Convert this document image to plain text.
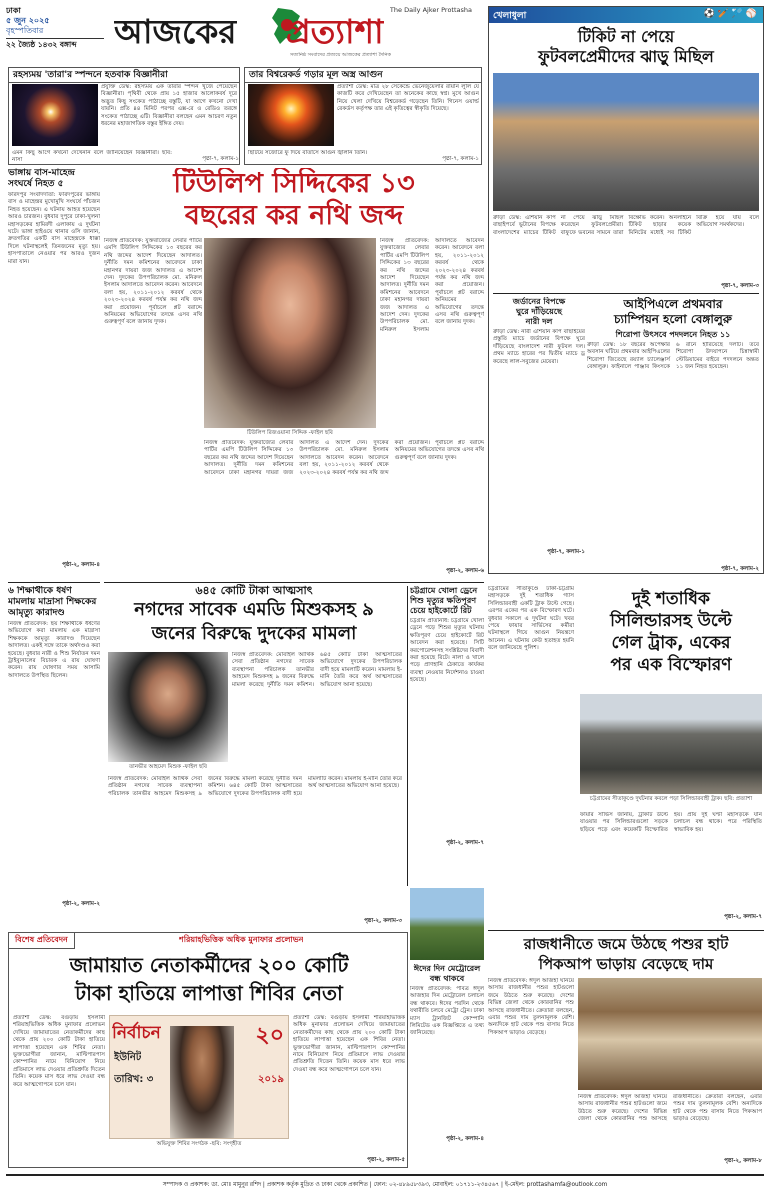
ঢাকা
৫ জুন ২০২৫
বৃহস্পতিবার
২২ জ্যৈষ্ঠ ১৪৩২ বঙ্গাব্দ	আজকের প্রত্যাশা
The Daily Ajker Prottasha
সত্যনিষ্ঠ সংবাদের প্রত্যয়ে আজকের প্রত্যাশা দৈনিক
রহস্যময় 'তারা'র স্পন্দনে হতবাক বিজ্ঞানীরা
প্রযুক্তি ডেস্ক: রহস্যময় এক তারার স্পন্দন খুঁজে পেয়েছেন বিজ্ঞানীরা। পৃথিবী থেকে প্রায় ১৫ হাজার আলোকবর্ষ দূরে অদ্ভুত কিছু সংকেত পাঠাচ্ছে বস্তুটি, যা আগে কখনো দেখা যায়নি। প্রতি ৪৪ মিনিট পরপর এক্স-রে ও রেডিও তরঙ্গে সংকেত পাঠাচ্ছে এটি। বিজ্ঞানীরা বলছেন এমন আচরণ নতুন ধরনের মহাজাগতিক বস্তুর ইঙ্গিত দেয়।
এমন কিছু আগে কখনো দেখেননি বলে জানিয়েছেন বিজ্ঞানীরা। ছবি: নাসা	পৃষ্ঠা-৭, কলাম-১
তার বিশ্বরেকর্ড গড়ার মূল অস্ত্র আগুন
প্রত্যাশা ডেস্ক: মাত্র ২৮ সেকেন্ডে ভেনেজুয়েলার রায়ান লুলি যে কাজটি করে দেখিয়েছেন তা অনেকের কাছে স্বপ্ন। মুখে আগুন নিয়ে খেলা দেখিয়ে বিশ্বরেকর্ড গড়েছেন তিনি। গিনেস ওয়ার্ল্ড রেকর্ডস কর্তৃপক্ষ তার এই কৃতিত্বের স্বীকৃতি দিয়েছে।
ছিটিয়ে সজোরে ফুঁ দিয়ে বাতাসে আগুন জ্বালান তিনি।
পৃষ্ঠা-৭, কলাম-১
টিউলিপ সিদ্দিকের ১৩
বছরের কর নথি জব্দ
নিজস্ব প্রতিবেদক: যুক্তরাজ্যের লেবার পার্টির এমপি টিউলিপ সিদ্দিকের ১৩ বছরের কর নথি জব্দের আদেশ দিয়েছেন আদালত। দুর্নীতি দমন কমিশনের আবেদনে ঢাকা মহানগর দায়রা জজ আদালত এ আদেশ দেন। দুদকের উপপরিচালক মো. মনিরুল ইসলাম আদালতে আবেদন করেন। আবেদনে বলা হয়, ২০১১-২০১২ করবর্ষ থেকে ২০২৩-২০২৪ করবর্ষ পর্যন্ত কর নথি জব্দ করা প্রয়োজন। পূর্বাচলে প্লট বরাদ্দে অনিয়মের অভিযোগের তদন্তে এসব নথি গুরুত্বপূর্ণ বলে জানায় দুদক।
টিউলিপ রিজওয়ানা সিদ্দিক -ফাইল ছবি
নিজস্ব প্রতিবেদক: যুক্তরাজ্যের লেবার পার্টির এমপি টিউলিপ সিদ্দিকের ১৩ বছরের কর নথি জব্দের আদেশ দিয়েছেন আদালত। দুর্নীতি দমন কমিশনের আবেদনে ঢাকা মহানগর দায়রা জজ আদালত এ আদেশ দেন। দুদকের উপপরিচালক মো. মনিরুল ইসলাম আদালতে আবেদন করেন। আবেদনে বলা হয়, ২০১১-২০১২ করবর্ষ থেকে ২০২৩-২০২৪ করবর্ষ পর্যন্ত কর নথি জব্দ করা প্রয়োজন। পূর্বাচলে প্লট বরাদ্দে অনিয়মের অভিযোগের তদন্তে এসব নথি গুরুত্বপূর্ণ বলে জানায় দুদক।
নিজস্ব প্রতিবেদক: যুক্তরাজ্যের লেবার পার্টির এমপি টিউলিপ সিদ্দিকের ১৩ বছরের কর নথি জব্দের আদেশ দিয়েছেন আদালত। দুর্নীতি দমন কমিশনের আবেদনে ঢাকা মহানগর দায়রা জজ আদালত এ আদেশ দেন। দুদকের উপপরিচালক মো. মনিরুল ইসলাম আদালতে আবেদন করেন। আবেদনে বলা হয়, ২০১১-২০১২ করবর্ষ থেকে ২০২৩-২০২৪ করবর্ষ পর্যন্ত কর নথি জব্দ করা প্রয়োজন। পূর্বাচলে প্লট বরাদ্দে অনিয়মের অভিযোগের তদন্তে এসব নথি গুরুত্বপূর্ণ বলে জানায় দুদক।
পৃষ্ঠা-২, কলাম-৬
ভাঙ্গায় বাস-মাহেন্দ্র সংঘর্ষে নিহত ৫
ফরিদপুর সংবাদদাতা: ফরিদপুরের ভাঙ্গায় বাস ও মাহেন্দ্রর মুখোমুখি সংঘর্ষে পাঁচজন নিহত হয়েছেন। এ ঘটনায় আহত হয়েছেন আরও চারজন। বুধবার দুপুরে ঢাকা-খুলনা মহাসড়কের হামিরদী এলাকায় এ দুর্ঘটনা ঘটে। ভাঙ্গা হাইওয়ে থানার ওসি জানান, দ্রুতগতির একটি বাস মাহেন্দ্রকে ধাক্কা দিলে ঘটনাস্থলেই তিনজনের মৃত্যু হয়। হাসপাতালে নেওয়ার পর আরও দুজন মারা যান।
পৃষ্ঠা-২, কলাম-৪
৬ শিক্ষার্থীকে ধর্ষণ মামলায় মাদ্রাসা শিক্ষকের আমৃত্যু কারাদণ্ড
নিজস্ব প্রতিবেদক: ছয় শিক্ষার্থীকে ধর্ষণের অভিযোগে করা মামলায় এক মাদ্রাসা শিক্ষককে আমৃত্যু কারাদণ্ড দিয়েছেন আদালত। একই সঙ্গে তাকে অর্থদণ্ডও করা হয়েছে। বুধবার নারী ও শিশু নির্যাতন দমন ট্রাইব্যুনালের বিচারক এ রায় ঘোষণা করেন। রায় ঘোষণার সময় আসামি আদালতে উপস্থিত ছিলেন।
পৃষ্ঠা-২, কলাম-২
৬৪৫ কোটি টাকা আত্মসাৎ
নগদের সাবেক এমডি মিশুকসহ ৯
জনের বিরুদ্ধে দুদকের মামলা
তানভীর আহমেদ মিশুক -ফাইল ছবি
নিজস্ব প্রতিবেদক: মোবাইল আর্থিক সেবা প্রতিষ্ঠান নগদের সাবেক ব্যবস্থাপনা পরিচালক তানভীর আহমেদ মিশুকসহ ৯ জনের বিরুদ্ধে মামলা করেছে দুর্নীতি দমন কমিশন। ৬৪৫ কোটি টাকা আত্মসাতের অভিযোগে দুদকের উপপরিচালক বাদী হয়ে মামলাটি করেন। মামলায় ই-মানি তৈরি করে অর্থ আত্মসাতের অভিযোগ আনা হয়েছে।
নিজস্ব প্রতিবেদক: মোবাইল আর্থিক সেবা প্রতিষ্ঠান নগদের সাবেক ব্যবস্থাপনা পরিচালক তানভীর আহমেদ মিশুকসহ ৯ জনের বিরুদ্ধে মামলা করেছে দুর্নীতি দমন কমিশন। ৬৪৫ কোটি টাকা আত্মসাতের অভিযোগে দুদকের উপপরিচালক বাদী হয়ে মামলাটি করেন। মামলায় ই-মানি তৈরি করে অর্থ আত্মসাতের অভিযোগ আনা হয়েছে।
পৃষ্ঠা-২, কলাম-৩
চট্টগ্রামে খোলা ড্রেনে শিশু মৃত্যুর ক্ষতিপূরণ চেয়ে হাইকোর্টে রিট
চট্টগ্রাম প্রতিনিধি: চট্টগ্রামে খোলা ড্রেনে পড়ে শিশুর মৃত্যুর ঘটনায় ক্ষতিপূরণ চেয়ে হাইকোর্টে রিট আবেদন করা হয়েছে। সিটি করপোরেশনসহ সংশ্লিষ্টদের বিবাদী করা হয়েছে রিটে। নালা ও খালে পড়ে প্রাণহানি ঠেকাতে কার্যকর ব্যবস্থা নেওয়ার নির্দেশনাও চাওয়া হয়েছে।
পৃষ্ঠা-২, কলাম-৭
খেলাধুলা	⚽ 🏏 🏸 ⚾
টিকিট না পেয়ে
ফুটবলপ্রেমীদের ঝাড়ু মিছিল
ক্রীড়া ডেস্ক: এশিয়ান কাপ বাছাইপর্বে ভুটানের বিপক্ষে বাংলাদেশের ম্যাচের টিকিট না পেয়ে ঝাড়ু মিছিল করেছেন ফুটবলপ্রেমীরা। বাফুফে ভবনের সামনে তারা বিক্ষোভ করেন। অনলাইনে টিকিট ছাড়ার কয়েক মিনিটের মধ্যেই সব টিকিট বিক্রি হয়ে যায় বলে অভিযোগ সমর্থকদের।
পৃষ্ঠা-৭, কলাম-৩
জর্ডানের বিপক্ষে
ঘুরে দাঁড়িয়েছে
নারী দল
ক্রীড়া ডেস্ক: নারী এশিয়ান কাপ বাছাইয়ের প্রস্তুতি ম্যাচে জর্ডানের বিপক্ষে ঘুরে দাঁড়িয়েছে বাংলাদেশ নারী ফুটবল দল। প্রথম ম্যাচে হারের পর দ্বিতীয় ম্যাচে ড্র করেছে লাল-সবুজের মেয়েরা।
পৃষ্ঠা-৭, কলাম-১
আইপিএলে প্রথমবার
চ্যাম্পিয়ন হলো বেঙ্গালুরু
শিরোপা উৎসবে পদদলনে নিহত ১১
ক্রীড়া ডেস্ক: ১৮ বছরের অপেক্ষার অবসান ঘটিয়ে প্রথমবার আইপিএলের শিরোপা জিতেছে রয়্যাল চ্যালেঞ্জার্স বেঙ্গালুরু। ফাইনালে পাঞ্জাব কিংসকে ৬ রানে হারিয়েছে দলটি। তবে শিরোপা উদযাপনে চিন্নাস্বামী স্টেডিয়ামের বাইরে পদদলনে অন্তত ১১ জন নিহত হয়েছেন।
পৃষ্ঠা-৭, কলাম-২
দুই শতাধিক
সিলিন্ডারসহ উল্টে
গেল ট্রাক, একের
পর এক বিস্ফোরণ
চট্টগ্রামের সীতাকুণ্ডে ঢাকা-চট্টগ্রাম মহাসড়কে দুই শতাধিক গ্যাস সিলিন্ডারবাহী একটি ট্রাক উল্টে গেছে। এরপর একের পর এক বিস্ফোরণ ঘটে। বুধবার সকালে এ দুর্ঘটনা ঘটে। খবর পেয়ে ফায়ার সার্ভিসের কর্মীরা ঘটনাস্থলে গিয়ে আগুন নিয়ন্ত্রণে আনেন। এ ঘটনায় কেউ হতাহত হয়নি বলে জানিয়েছে পুলিশ।
চট্টগ্রামের সীতাকুণ্ডে দুর্ঘটনার কবলে পড়া সিলিন্ডারবাহী ট্রাক। ছবি: প্রত্যাশা
ফায়ার সার্ভিস জানায়, ট্রাকটি উল্টে যাওয়ার পর সিলিন্ডারগুলো সড়কে ছড়িয়ে পড়ে এবং কয়েকটি বিস্ফোরিত হয়। প্রায় দুই ঘণ্টা মহাসড়কে যান চলাচল বন্ধ থাকে। পরে পরিস্থিতি স্বাভাবিক হয়।
পৃষ্ঠা-২, কলাম-৭
বিশেষ প্রতিবেদন	শরিয়াহভিত্তিক অধিক মুনাফার প্রলোভন
জামায়াত নেতাকর্মীদের ২০০ কোটি
টাকা হাতিয়ে লাপাত্তা শিবির নেতা
প্রত্যাশা ডেস্ক: বগুড়ায় ইসলামী শরিয়াহভিত্তিক অধিক মুনাফার প্রলোভন দেখিয়ে জামায়াতের নেতাকর্মীদের কাছ থেকে প্রায় ২০০ কোটি টাকা হাতিয়ে লাপাত্তা হয়েছেন এক শিবির নেতা। ভুক্তভোগীরা জানান, মাল্টিপারপাস কোম্পানির নামে বিনিয়োগ নিয়ে প্রতিমাসে লাভ দেওয়ার প্রতিশ্রুতি দিতেন তিনি। কয়েক মাস ধরে লাভ দেওয়া বন্ধ করে আত্মগোপনে চলে যান।
নির্বাচন	২০
ইউনিট
তারিখ: ৩	২০১৯
অভিযুক্ত শিবির সংগঠক -ছবি: সংগৃহীত
প্রত্যাশা ডেস্ক: বগুড়ায় ইসলামী শরিয়াহভিত্তিক অধিক মুনাফার প্রলোভন দেখিয়ে জামায়াতের নেতাকর্মীদের কাছ থেকে প্রায় ২০০ কোটি টাকা হাতিয়ে লাপাত্তা হয়েছেন এক শিবির নেতা। ভুক্তভোগীরা জানান, মাল্টিপারপাস কোম্পানির নামে বিনিয়োগ নিয়ে প্রতিমাসে লাভ দেওয়ার প্রতিশ্রুতি দিতেন তিনি। কয়েক মাস ধরে লাভ দেওয়া বন্ধ করে আত্মগোপনে চলে যান।
পৃষ্ঠা-২, কলাম-৫
ঈদের দিন মেট্রোরেল বন্ধ থাকবে
নিজস্ব প্রতিবেদক: পবিত্র ঈদুল আজহার দিন মেট্রোরেল চলাচল বন্ধ থাকবে। ঈদের পরদিন থেকে যথারীতি চলবে মেট্রো ট্রেন। ঢাকা ম্যাস ট্রানজিট কোম্পানি লিমিটেড এক বিজ্ঞপ্তিতে এ তথ্য জানিয়েছে।
পৃষ্ঠা-২, কলাম-৪
রাজধানীতে জমে উঠছে পশুর হাট
পিকআপ ভাড়ায় বেড়েছে দাম
নিজস্ব প্রতিবেদক: ঈদুল আজহা ঘনিয়ে আসায় রাজধানীর পশুর হাটগুলো জমে উঠতে শুরু করেছে। দেশের বিভিন্ন জেলা থেকে কোরবানির পশু আসছে রাজধানীতে। ক্রেতারা বলছেন, এবার পশুর দাম তুলনামূলক বেশি। অন্যদিকে হাট থেকে পশু বাসায় নিতে পিকআপ ভাড়াও বেড়েছে।
নিজস্ব প্রতিবেদক: ঈদুল আজহা ঘনিয়ে আসায় রাজধানীর পশুর হাটগুলো জমে উঠতে শুরু করেছে। দেশের বিভিন্ন জেলা থেকে কোরবানির পশু আসছে রাজধানীতে। ক্রেতারা বলছেন, এবার পশুর দাম তুলনামূলক বেশি। অন্যদিকে হাট থেকে পশু বাসায় নিতে পিকআপ ভাড়াও বেড়েছে।
পৃষ্ঠা-২, কলাম-৮
সম্পাদক ও প্রকাশক: ডা. মোঃ মামুনুর রশিদ | প্রকাশক কর্তৃক মুদ্রিত ও ঢাকা থেকে প্রকাশিত | ফোন: ০২-৪৮৯৫৮৩৯৩, মোবাইল: ০১৭১১-২৩৪৫৬৭ | ই-মেইল: prottashamfa@outlook.com
